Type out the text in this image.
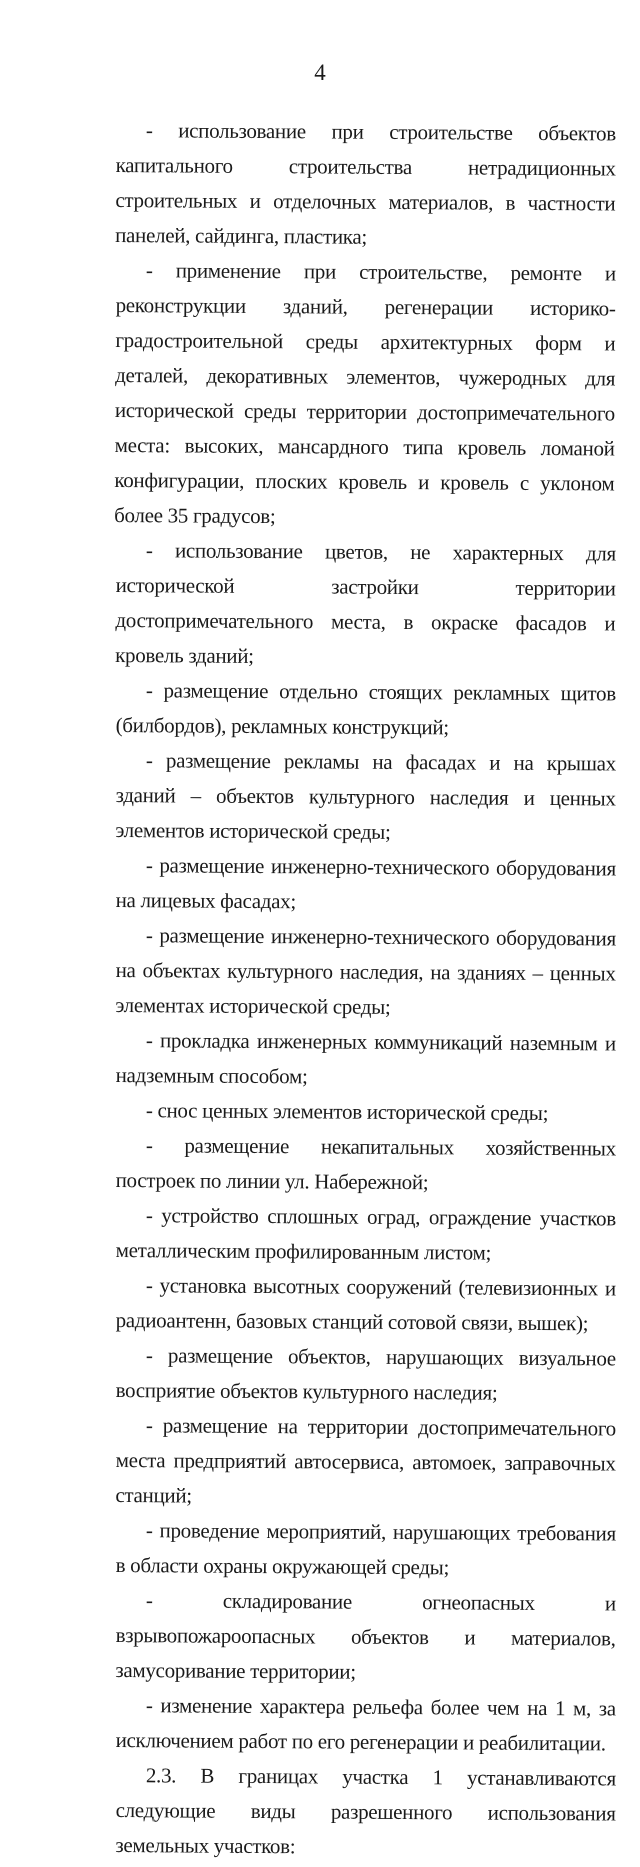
4

- использование при строительстве объектов капитального строительства нетрадиционных строительных и отделочных материалов, в частности панелей, сайдинга, пластика;

- применение при строительстве, ремонте и реконструкции зданий, регенерации историко-градостроительной среды архитектурных форм и деталей, декоративных элементов, чужеродных для исторической среды территории достопримечательного места: высоких, мансардного типа кровель ломаной конфигурации, плоских кровель и кровель с уклоном более 35 градусов;

- использование цветов, не характерных для исторической застройки территории достопримечательного места, в окраске фасадов и кровель зданий;

- размещение отдельно стоящих рекламных щитов (билбордов), рекламных конструкций;

- размещение рекламы на фасадах и на крышах зданий – объектов культурного наследия и ценных элементов исторической среды;

- размещение инженерно-технического оборудования на лицевых фасадах;

- размещение инженерно-технического оборудования на объектах культурного наследия, на зданиях – ценных элементах исторической среды;

- прокладка инженерных коммуникаций наземным и надземным способом;

- снос ценных элементов исторической среды;

- размещение некапитальных хозяйственных построек по линии ул. Набережной;

- устройство сплошных оград, ограждение участков металлическим профилированным листом;

- установка высотных сооружений (телевизионных и радиоантенн, базовых станций сотовой связи, вышек);

- размещение объектов, нарушающих визуальное восприятие объектов культурного наследия;

- размещение на территории достопримечательного места предприятий автосервиса, автомоек, заправочных станций;

- проведение мероприятий, нарушающих требования в области охраны окружающей среды;

- складирование огнеопасных и взрывопожароопасных объектов и материалов, замусоривание территории;

- изменение характера рельефа более чем на 1 м, за исключением работ по его регенерации и реабилитации.

2.3. В границах участка 1 устанавливаются следующие виды разрешенного использования земельных участков:
